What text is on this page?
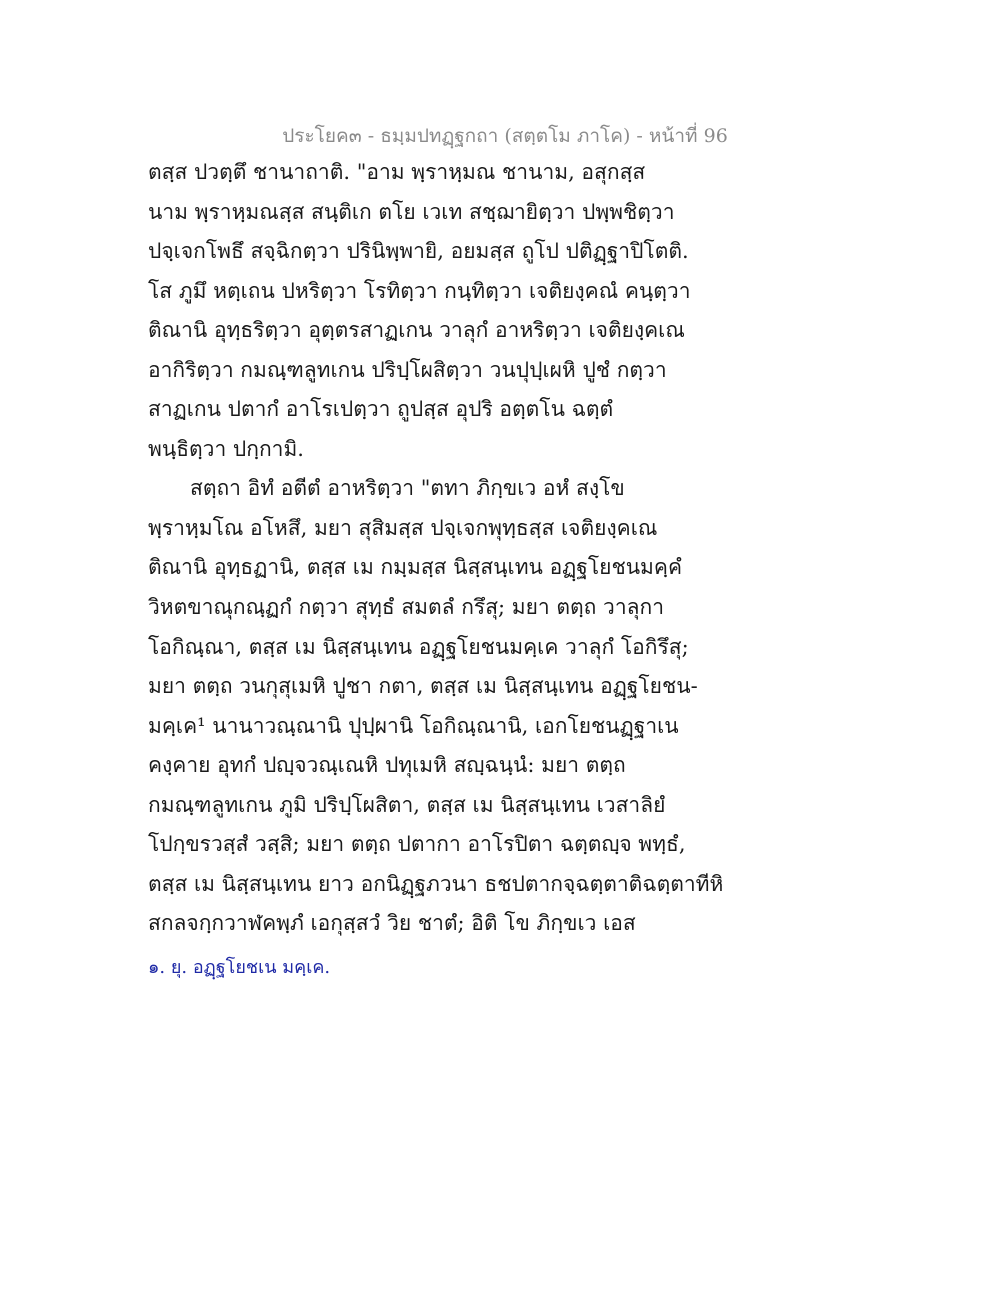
ประโยค๓ - ธมฺมปทฏฺฐกถา (สตฺตโม ภาโค) - หน้าที่ 96
ตสฺส ปวตฺตึ ชานาถาติ. "อาม พฺราหฺมณ ชานาม, อสุกสฺส
นาม พฺราหฺมณสฺส สนฺติเก ตโย เวเท สชฺฌายิตฺวา ปพฺพชิตฺวา
ปจฺเจกโพธึ สจฺฉิกตฺวา ปรินิพฺพายิ, อยมสฺส ถูโป ปติฏฺฐาปิโตติ.
โส ภูมึ หตฺเถน ปหริตฺวา โรทิตฺวา กนฺทิตฺวา เจติยงฺคณํ คนฺตฺวา
ติณานิ อุทฺธริตฺวา อุตฺตรสาฏเกน วาลุกํ อาหริตฺวา เจติยงฺคเณ
อากิริตฺวา กมณฺฑลูทเกน ปริปฺโผสิตฺวา วนปุปฺเผหิ ปูชํ กตฺวา
สาฏเกน ปตากํ อาโรเปตฺวา ถูปสฺส อุปริ อตฺตโน ฉตฺตํ
พนฺธิตฺวา ปกฺกามิ.
สตฺถา อิทํ อตีตํ อาหริตฺวา "ตทา ภิกฺขเว อหํ สงฺโข
พฺราหฺมโณ อโหสึ, มยา สุสิมสฺส ปจฺเจกพุทฺธสฺส เจติยงฺคเณ
ติณานิ อุทฺธฏานิ, ตสฺส เม กมฺมสฺส นิสฺสนฺเทน อฏฺฐโยชนมคฺคํ
วิหตขาณุกณฺฏกํ กตฺวา สุทฺธํ สมตลํ กรึสุ; มยา ตตฺถ วาลุกา
โอกิณฺณา, ตสฺส เม นิสฺสนฺเทน อฏฺฐโยชนมคฺเค วาลุกํ โอกิรึสุ;
มยา ตตฺถ วนกุสุเมหิ ปูชา กตา, ตสฺส เม นิสฺสนฺเทน อฏฺฐโยชน-
มคฺเค¹ นานาวณฺณานิ ปุปฺผานิ โอกิณฺณานิ, เอกโยชนฏฺฐาเน
คงฺคาย อุทกํ ปญฺจวณฺเณหิ ปทุเมหิ สญฺฉนฺนํ: มยา ตตฺถ
กมณฺฑลูทเกน ภูมิ ปริปฺโผสิตา, ตสฺส เม นิสฺสนฺเทน เวสาลิยํ
โปกฺขรวสฺสํ วสฺสิ; มยา ตตฺถ ปตากา อาโรปิตา ฉตฺตญฺจ พทฺธํ,
ตสฺส เม นิสฺสนฺเทน ยาว อกนิฏฺฐภวนา ธชปตากจฺฉตฺตาติฉตฺตาทีหิ
สกลจกฺกวาฬคพฺภํ เอกุสฺสวํ วิย ชาตํ; อิติ โข ภิกฺขเว เอส
๑. ยุ. อฏฺฐโยชเน มคฺเค.
